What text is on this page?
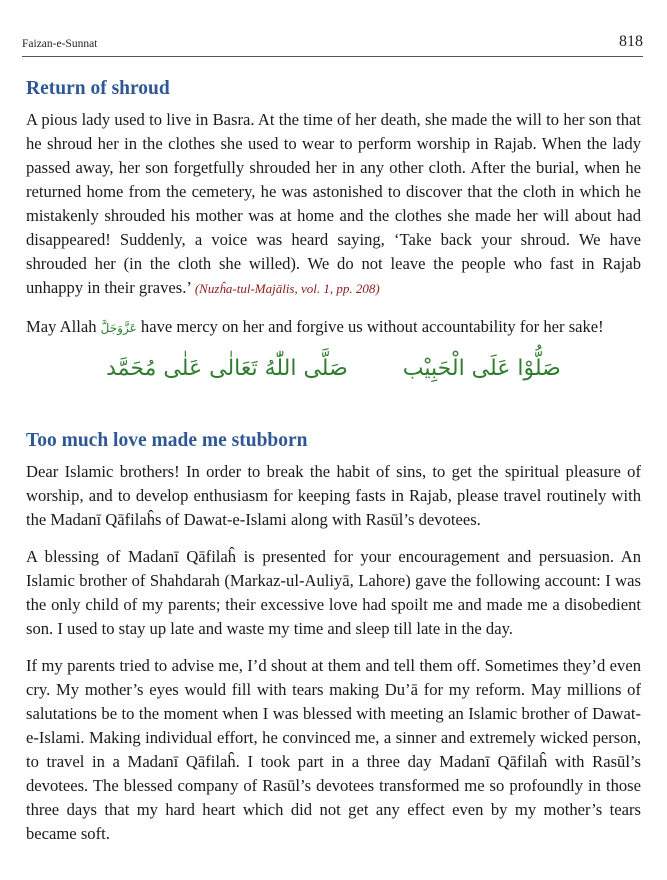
Faizan-e-Sunnat	818
Return of shroud

A pious lady used to live in Basra. At the time of her death, she made the will to her son that he shroud her in the clothes she used to wear to perform worship in Rajab. When the lady passed away, her son forgetfully shrouded her in any other cloth. After the burial, when he returned home from the cemetery, he was astonished to discover that the cloth in which he mistakenly shrouded his mother was at home and the clothes she made her will about had disappeared! Suddenly, a voice was heard saying, ‘Take back your shroud. We have shrouded her (in the cloth she willed). We do not leave the people who fast in Rajab unhappy in their graves.’ (Nuzĥa-tul-Majālis, vol. 1, pp. 208)

May Allah عَزَّوَجَلَّ have mercy on her and forgive us without accountability for her sake!

صَلُّوْا عَلَى الْحَبِيْب صَلَّى اللّٰهُ تَعَالٰى عَلٰى مُحَمَّد
Too much love made me stubborn

Dear Islamic brothers! In order to break the habit of sins, to get the spiritual pleasure of worship, and to develop enthusiasm for keeping fasts in Rajab, please travel routinely with the Madanī Qāfilaĥs of Dawat-e-Islami along with Rasūl’s devotees.

A blessing of Madanī Qāfilaĥ is presented for your encouragement and persuasion. An Islamic brother of Shahdarah (Markaz-ul-Auliyā, Lahore) gave the following account: I was the only child of my parents; their excessive love had spoilt me and made me a disobedient son. I used to stay up late and waste my time and sleep till late in the day.

If my parents tried to advise me, I’d shout at them and tell them off. Sometimes they’d even cry. My mother’s eyes would fill with tears making Du’ā for my reform. May millions of salutations be to the moment when I was blessed with meeting an Islamic brother of Dawat-e-Islami. Making individual effort, he convinced me, a sinner and extremely wicked person, to travel in a Madanī Qāfilaĥ. I took part in a three day Madanī Qāfilaĥ with Rasūl’s devotees. The blessed company of Rasūl’s devotees transformed me so profoundly in those three days that my hard heart which did not get any effect even by my mother’s tears became soft.
